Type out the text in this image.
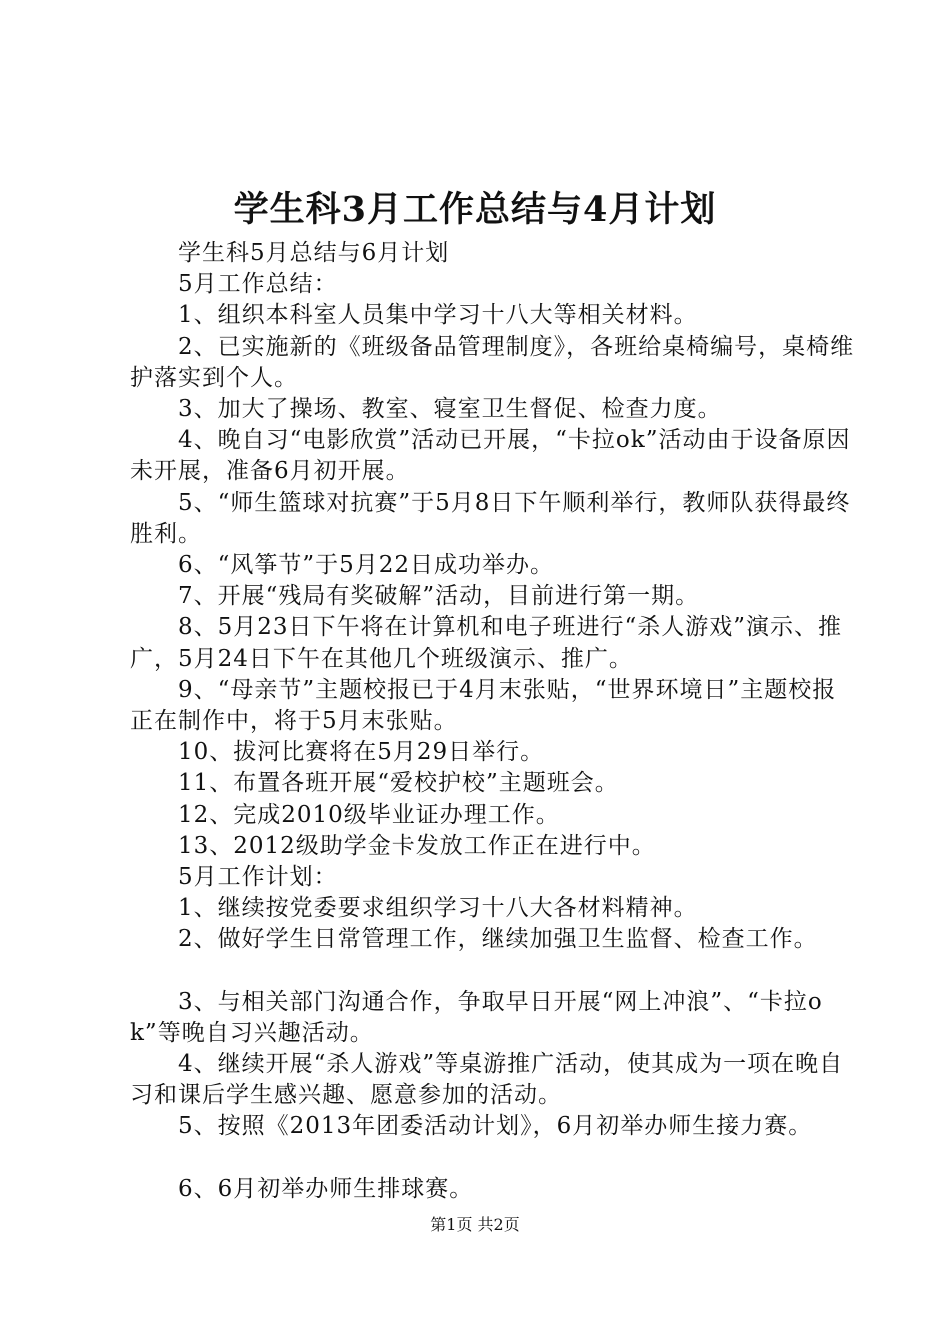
学生科3月工作总结与4月计划

学生科5月总结与6月计划

5月工作总结：

1、组织本科室人员集中学习十八大等相关材料。

2、已实施新的《班级备品管理制度》，各班给桌椅编号，桌椅维护落实到个人。

3、加大了操场、教室、寝室卫生督促、检查力度。

4、晚自习“电影欣赏”活动已开展，“卡拉ok”活动由于设备原因未开展，准备6月初开展。

5、“师生篮球对抗赛”于5月8日下午顺利举行，教师队获得最终胜利。

6、“风筝节”于5月22日成功举办。

7、开展“残局有奖破解”活动，目前进行第一期。

8、5月23日下午将在计算机和电子班进行“杀人游戏”演示、推广，5月24日下午在其他几个班级演示、推广。

9、“母亲节”主题校报已于4月末张贴，“世界环境日”主题校报正在制作中，将于5月末张贴。

10、拔河比赛将在5月29日举行。

11、布置各班开展“爱校护校”主题班会。

12、完成2010级毕业证办理工作。

13、2012级助学金卡发放工作正在进行中。

5月工作计划：

1、继续按党委要求组织学习十八大各材料精神。

2、做好学生日常管理工作，继续加强卫生监督、检查工作。

3、与相关部门沟通合作，争取早日开展“网上冲浪”、“卡拉ok”等晚自习兴趣活动。

4、继续开展“杀人游戏”等桌游推广活动，使其成为一项在晚自习和课后学生感兴趣、愿意参加的活动。

5、按照《2013年团委活动计划》，6月初举办师生接力赛。

6、6月初举办师生排球赛。

第1页 共2页
